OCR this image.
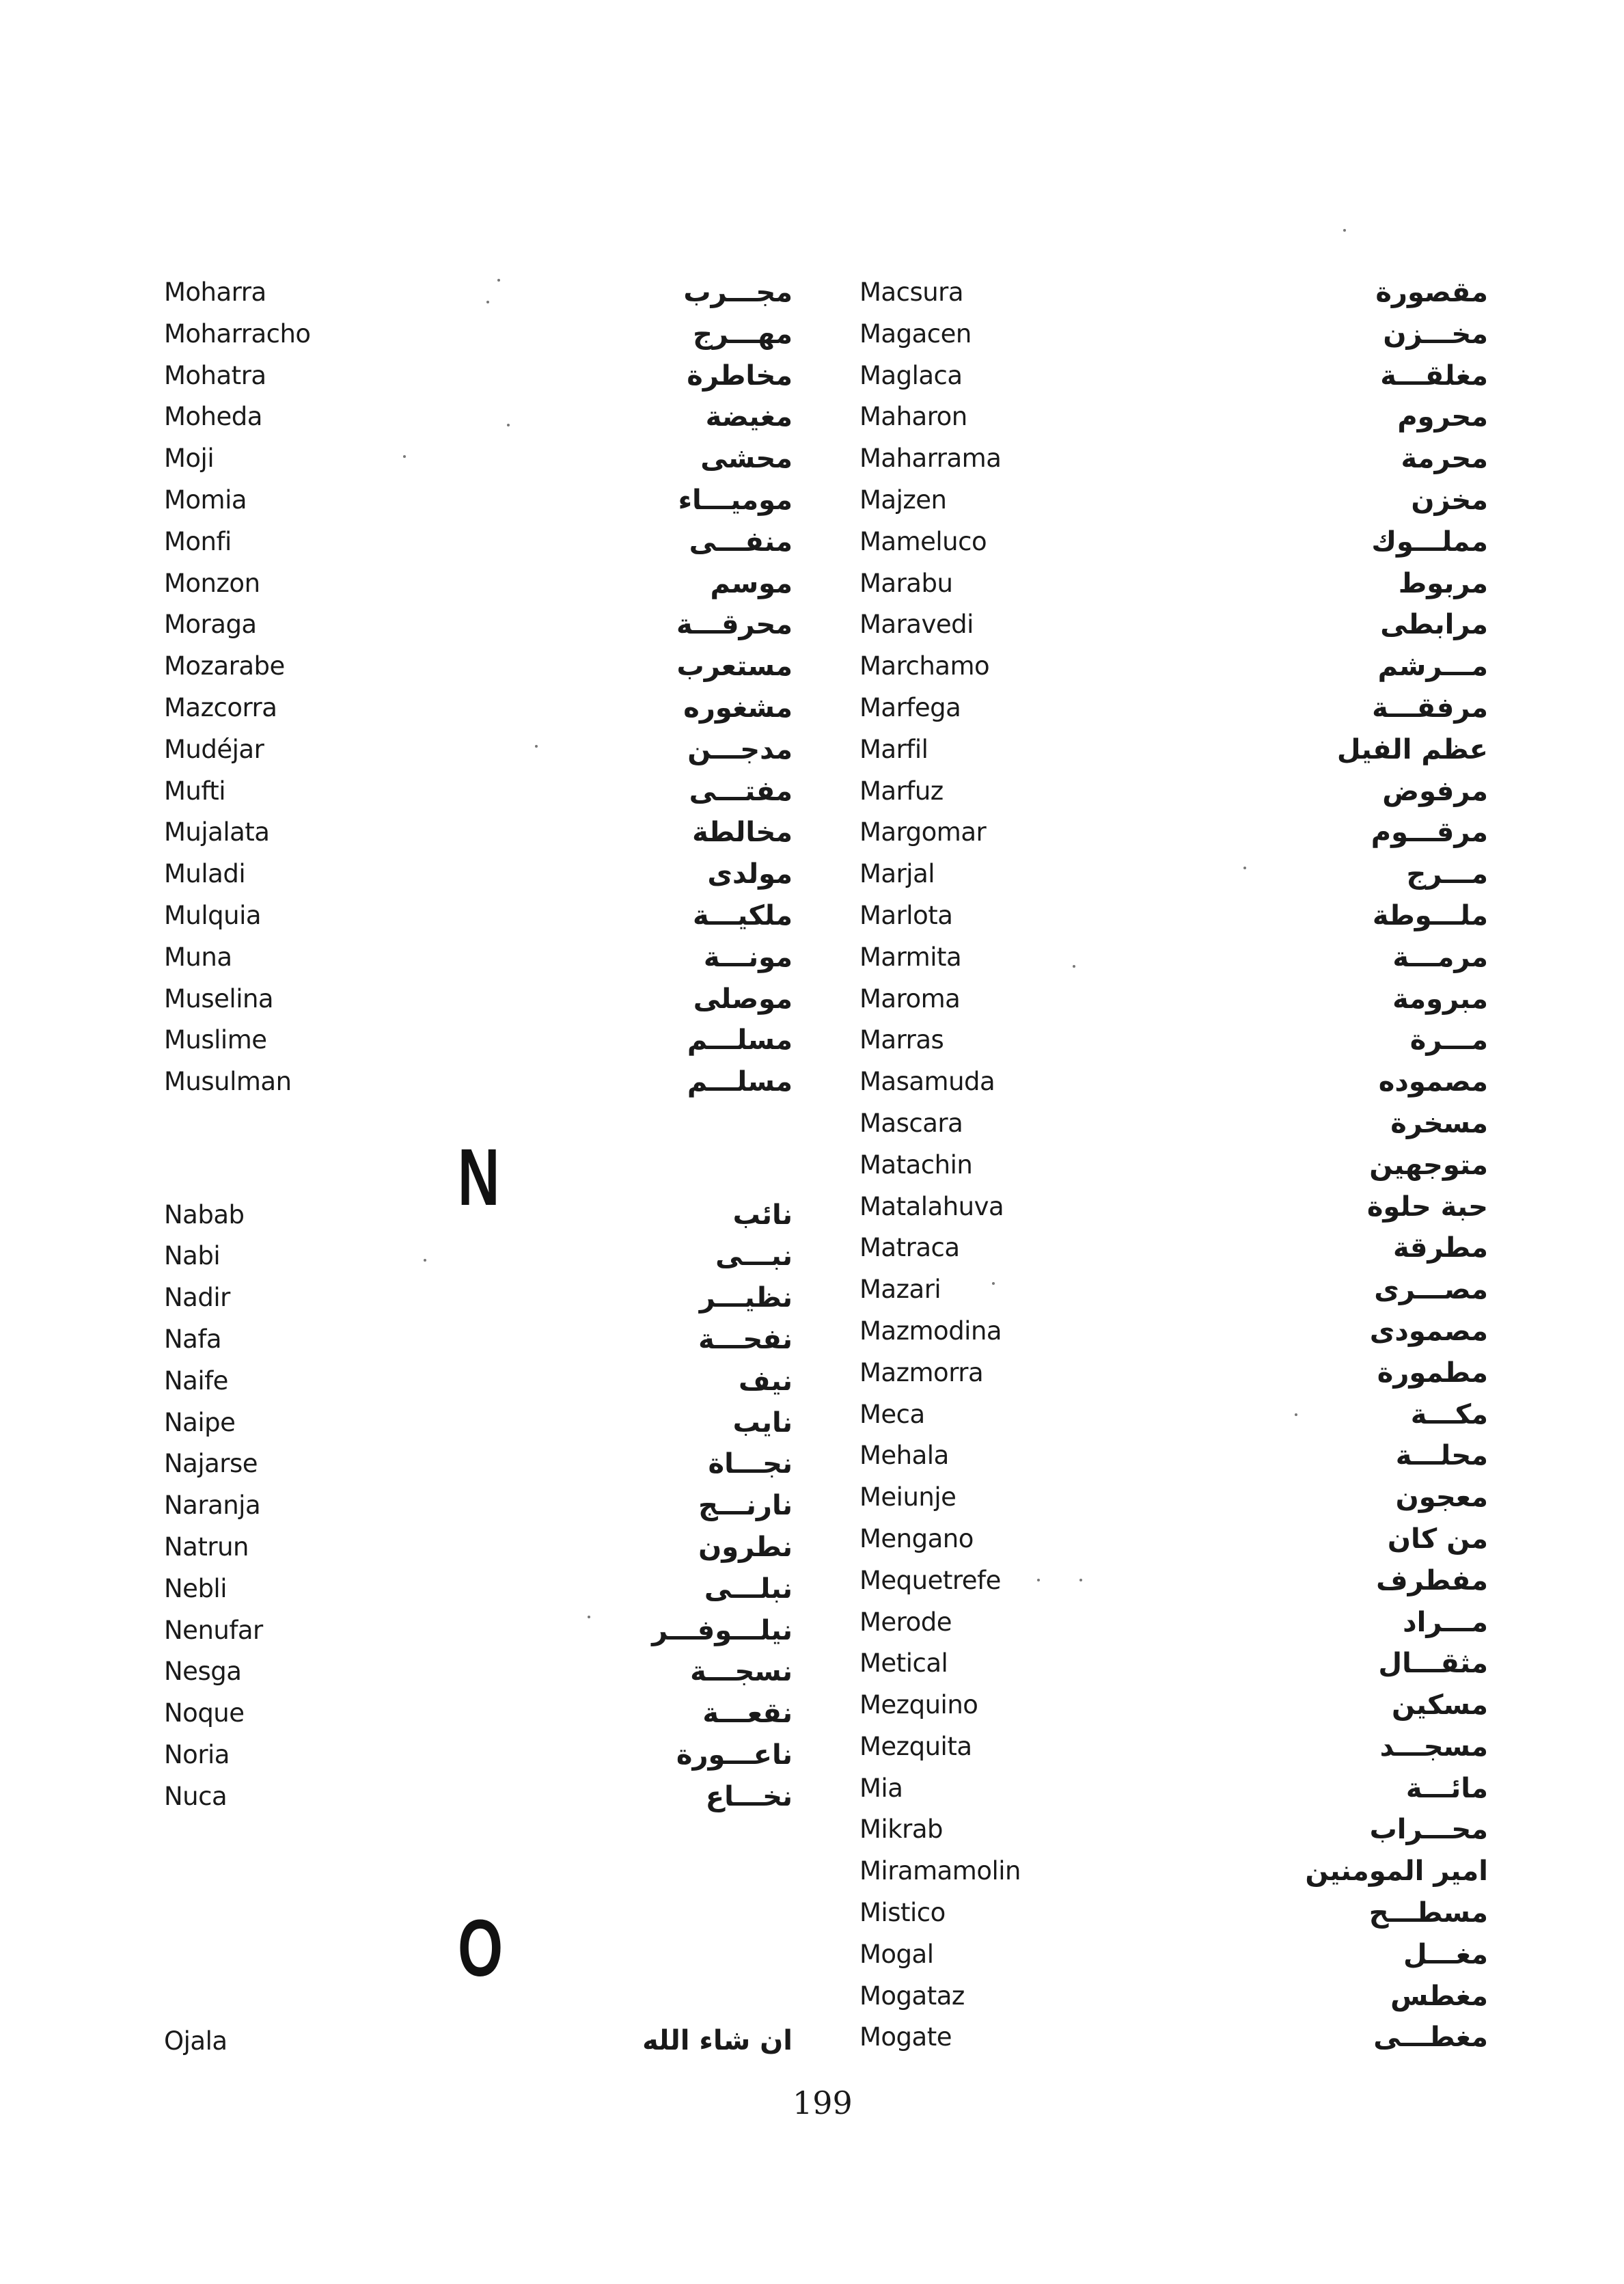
Moharra	مجـــرب
Moharracho	مهـــرج
Mohatra	مخاطرة
Moheda	مغيضة
Moji	محشى
Momia	موميـــاء
Monfi	منفـــى
Monzon	موسم
Moraga	محرقـــة
Mozarabe	مستعرب
Mazcorra	مشغوره
Mudéjar	مدجـــن
Mufti	مفتـــى
Mujalata	مخالطة
Muladi	مولدى
Mulquia	ملكيـــة
Muna	مونـــة
Muselina	موصلى
Muslime	مسلـــم
Musulman	مسلـــم
Nabab	نائب
Nabi	نبـــى
Nadir	نظيـــر
Nafa	نفحـــة
Naife	نيف
Naipe	نايب
Najarse	نجـــاة
Naranja	نارنـــج
Natrun	نطرون
Nebli	نبلـــى
Nenufar	نيلـــوفـــر
Nesga	نسجـــة
Noque	نقعـــة
Noria	ناعـــورة
Nuca	نخـــاع
N
O
Ojala	ان شاء الله
Macsura	مقصورة
Magacen	مخـــزن
Maglaca	مغلقـــة
Maharon	محروم
Maharrama	محرمة
Majzen	مخزن
Mameluco	مملـــوك
Marabu	مربوط
Maravedi	مرابطى
Marchamo	مـــرشم
Marfega	مرفقـــة
Marfil	عظم الفيل
Marfuz	مرفوض
Margomar	مرقـــوم
Marjal	مـــرج
Marlota	ملـــوطة
Marmita	مرمـــة
Maroma	مبرومة
Marras	مـــرة
Masamuda	مصموده
Mascara	مسخرة
Matachin	متوجهين
Matalahuva	حبة حلوة
Matraca	مطرقة
Mazari	مصـــرى
Mazmodina	مصمودى
Mazmorra	مطمورة
Meca	مكـــة
Mehala	محلـــة
Meiunje	معجون
Mengano	من كان
Mequetrefe	مفطرف
Merode	مـــراد
Metical	مثقـــال
Mezquino	مسكين
Mezquita	مسجـــد
Mia	مائـــة
Mikrab	محـــراب
Miramamolin	امير المومنين
Mistico	مسطـــح
Mogal	مغـــل
Mogataz	مغطس
Mogate	مغطـــى
199
